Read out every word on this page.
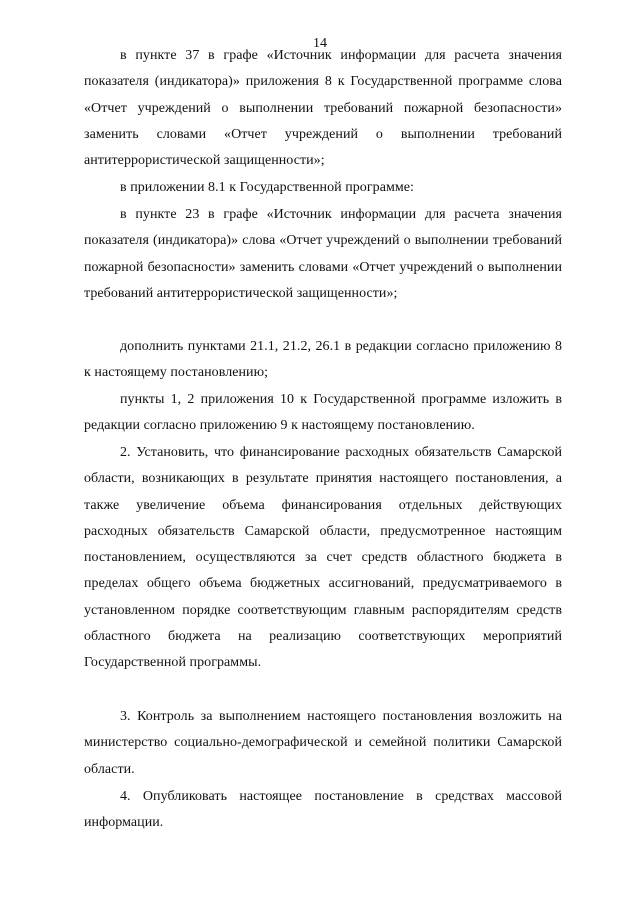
14

в пункте 37 в графе «Источник информации для расчета значения показателя (индикатора)» приложения 8 к Государственной программе слова «Отчет учреждений о выполнении требований пожарной безопасности» заменить словами «Отчет учреждений о выполнении требований антитеррористической защищенности»;

в приложении 8.1 к Государственной программе:

в пункте 23 в графе «Источник информации для расчета значения показателя (индикатора)» слова «Отчет учреждений о выполнении требований пожарной безопасности» заменить словами «Отчет учреждений о выполнении требований антитеррористической защищенности»;

дополнить пунктами 21.1, 21.2, 26.1 в редакции согласно приложению 8 к настоящему постановлению;

пункты 1, 2 приложения 10 к Государственной программе изложить в редакции согласно приложению 9 к настоящему постановлению.

2. Установить, что финансирование расходных обязательств Самарской области, возникающих в результате принятия настоящего постановления, а также увеличение объема финансирования отдельных действующих расходных обязательств Самарской области, предусмотренное настоящим постановлением, осуществляются за счет средств областного бюджета в пределах общего объема бюджетных ассигнований, предусматриваемого в установленном порядке соответствующим главным распорядителям средств областного бюджета на реализацию соответствующих мероприятий Государственной программы.

3. Контроль за выполнением настоящего постановления возложить на министерство социально-демографической и семейной политики Самарской области.

4. Опубликовать настоящее постановление в средствах массовой информации.
